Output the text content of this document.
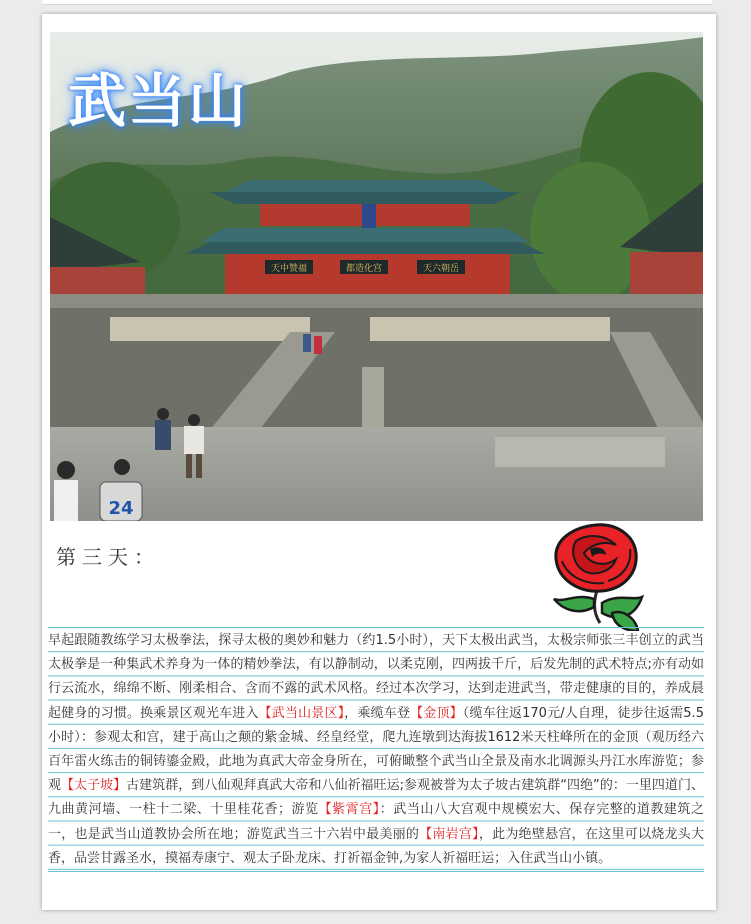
天中赞福	都造化宫	天六朝岳
24
武当山
第三天：
早起跟随教练学习太极拳法，探寻太极的奥妙和魅力（约1.5小时），天下太极出武当，太极宗师张三丰创立的武当太极拳是一种集武术养身为一体的精妙拳法，有以静制动，以柔克刚，四两拔千斤，后发先制的武术特点;亦有动如行云流水，绵绵不断、刚柔相合、含而不露的武术风格。经过本次学习，达到走进武当，带走健康的目的，养成晨起健身的习惯。换乘景区观光车进入【武当山景区】，乘缆车登【金顶】（缆车往返170元/人自理，徒步往返需5.5小时）：参观太和宫，建于高山之颠的紫金城、经皇经堂，爬九连墩到达海拔1612米天柱峰所在的金顶（观历经六百年雷火练击的铜铸鎏金殿，此地为真武大帝金身所在，可俯瞰整个武当山全景及南水北调源头丹江水库游览；参观【太子坡】古建筑群，到八仙观拜真武大帝和八仙祈福旺运;参观被誉为太子坡古建筑群“四绝”的：一里四道门、九曲黄河墙、一柱十二梁、十里桂花香；游览【紫霄宫】：武当山八大宫观中规模宏大、保存完整的道教建筑之一，也是武当山道教协会所在地；游览武当三十六岩中最美丽的【南岩宫】，此为绝壁悬宫，在这里可以烧龙头大香，品尝甘露圣水，摸福寿康宁、观太子卧龙床、打祈福金钟,为家人祈福旺运；入住武当山小镇。
